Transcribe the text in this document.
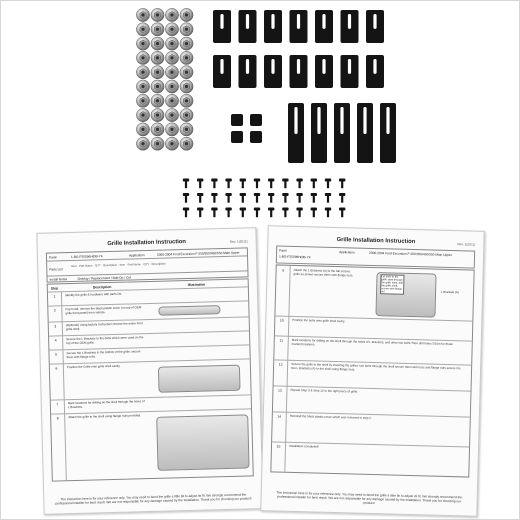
Grille Installation Instruction	Rev. 1(2011)
Part#	1-BG-F25096H(0B-Y4	Application	2000-2004 Ford Excursion F-250/350/450/550 Main Upper
Parts List
Item · Part Name · QTY · Description · Item · Part Name · QTY · Description
Install Notes	Overlay / Replacement / Bolt-On / Cut
Step	Description
Illustration
1	Identify the grille & hardware with parts list.
2	Pop hood, remove the black plastic cover (on top of OEM grille front panel) from vehicle.
3	(Optional) Using factory instruction remove the entire front grille shell.
4	Secure the L Brackets to the bolts which were used on the top of the OEM grille.
5	Secure the L Brackets to the bottom of the grille, secure them with flange nuts.
6	Position the Grille onto grille shell cavity.
7	Mark locations for drilling on the shell through the holes of L Brackets.
8	Attach the grille to the shell using flange nuts provided.
The instruction here is for your reference only. You may need to bend the grille a little bit to adjust its fit. We strongly recommend the professional installer for best result. We are not responsible for any damage caused by the installation. Thank you for choosing our product!
Grille Installation Instruction	Rev. 1(2011)
Part#
1-BG-F25096H(0B-Y4
Application	2000-2004 Ford Excursion F-250/350/450/550 Main Upper
9	Attach the L Brackets (A) to the tall screws grille as shown secure them with flange nuts.	Let bolts in the grille slant through the grille shell, drill the grille shell, secure with flange nut	L Brackets (A)
10	Position the bolts onto grille shell cavity.
11	Mark locations for drilling on the shell through the holes of L Brackets, and other two bolts Then drill holes 5/16in for those marked locations.
12	Secure the grille to the shell by inserting the grilles' two bolts through the shell secure them with bars and flange nuts secure the two L Brackets (A) to the shell using flange nuts.
13	Repeat Step 9 & Step 12 to the right piece of grille.
14	Reinstall the black plastic cover which was removed in step 2.
15	Installation completed!
The instruction here is for your reference only. You may need to bend the grille a little bit to adjust its fit. We strongly recommend the professional installer for best result. We are not responsible for any damage caused by the installation. Thank you for choosing our product!
